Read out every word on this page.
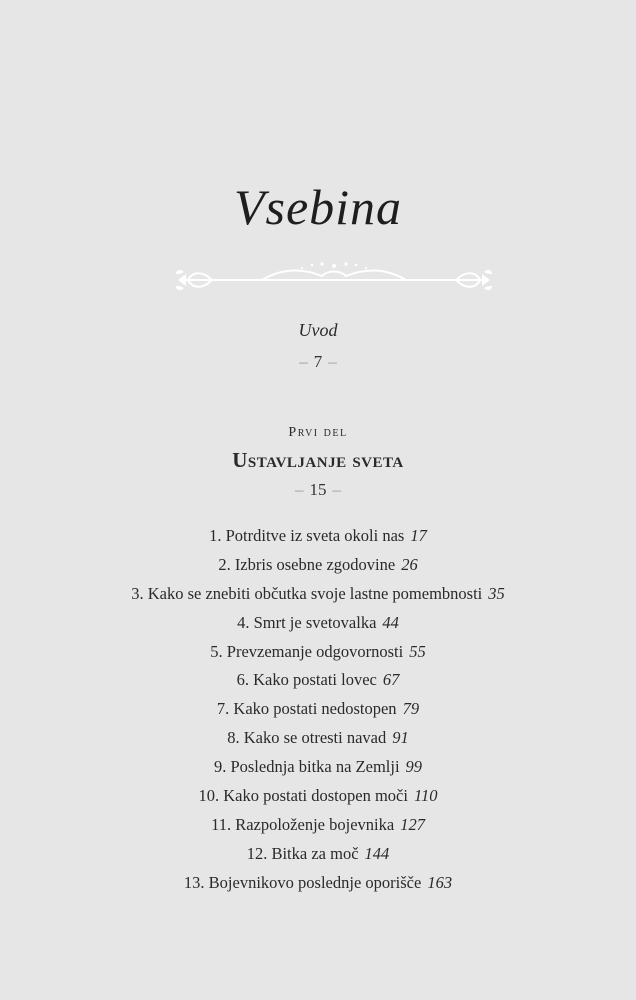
Vsebina
Uvod
– 7 –
Prvi del
Ustavljanje sveta
– 15 –
1. Potrditve iz sveta okoli nas 17
2. Izbris osebne zgodovine 26
3. Kako se znebiti občutka svoje lastne pomembnosti 35
4. Smrt je svetovalka 44
5. Prevzemanje odgovornosti 55
6. Kako postati lovec 67
7. Kako postati nedostopen 79
8. Kako se otresti navad 91
9. Poslednja bitka na Zemlji 99
10. Kako postati dostopen moči 110
11. Razpoloženje bojevnika 127
12. Bitka za moč 144
13. Bojevnikovo poslednje oporišče 163
